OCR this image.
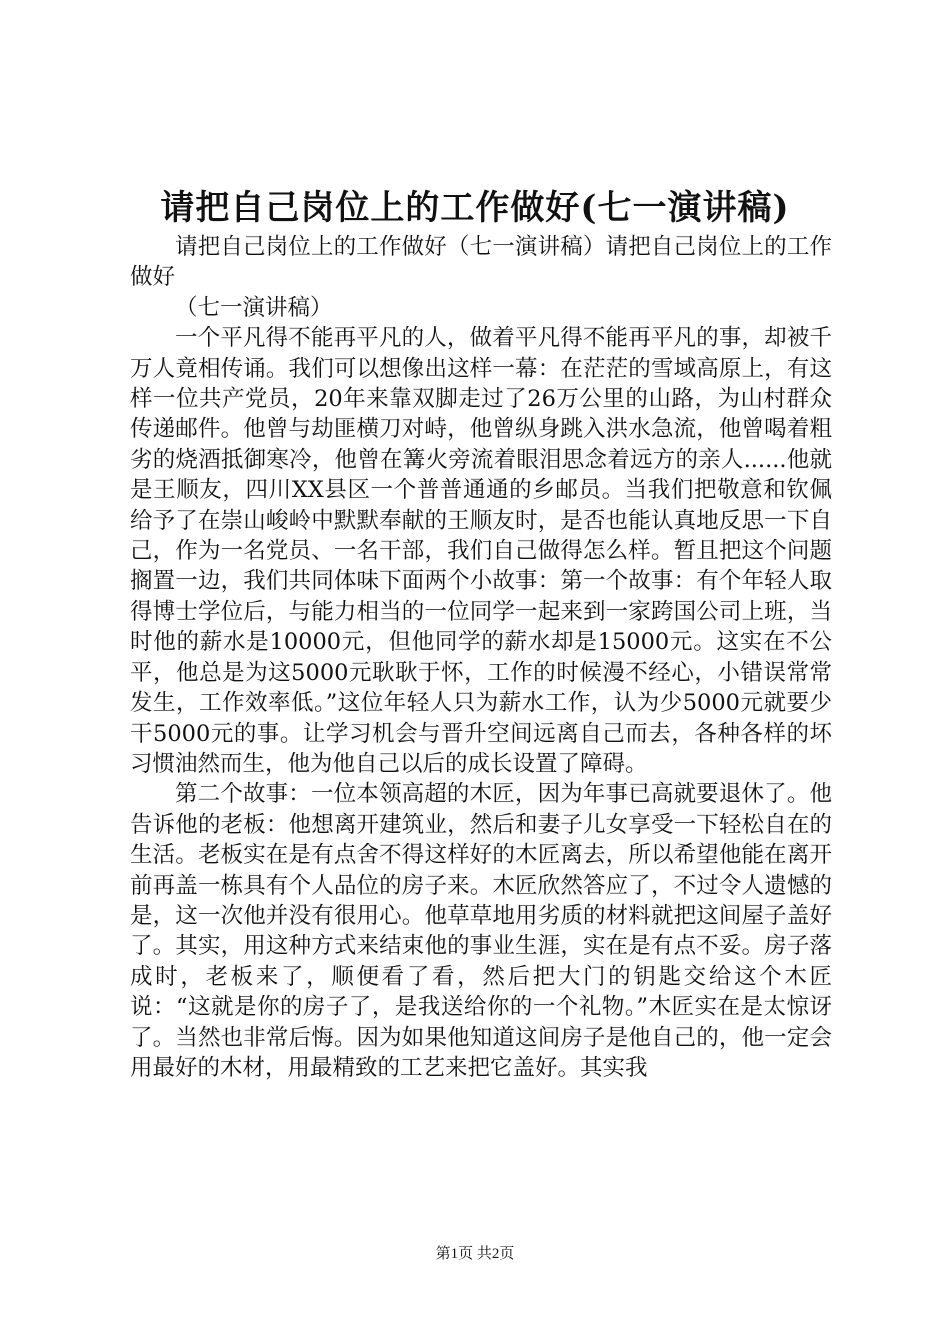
请把自己岗位上的工作做好(七一演讲稿)

请把自己岗位上的工作做好（七一演讲稿）请把自己岗位上的工作做好

（七一演讲稿）

一个平凡得不能再平凡的人，做着平凡得不能再平凡的事，却被千万人竟相传诵。我们可以想像出这样一幕：在茫茫的雪域高原上，有这样一位共产党员，20年来靠双脚走过了26万公里的山路，为山村群众传递邮件。他曾与劫匪横刀对峙，他曾纵身跳入洪水急流，他曾喝着粗劣的烧酒抵御寒冷，他曾在篝火旁流着眼泪思念着远方的亲人......他就是王顺友，四川XX县区一个普普通通的乡邮员。当我们把敬意和钦佩给予了在崇山峻岭中默默奉献的王顺友时，是否也能认真地反思一下自己，作为一名党员、一名干部，我们自己做得怎么样。暂且把这个问题搁置一边，我们共同体味下面两个小故事：第一个故事：有个年轻人取得博士学位后，与能力相当的一位同学一起来到一家跨国公司上班，当时他的薪水是10000元，但他同学的薪水却是15000元。这实在不公平，他总是为这5000元耿耿于怀，工作的时候漫不经心，小错误常常发生，工作效率低。”这位年轻人只为薪水工作，认为少5000元就要少干5000元的事。让学习机会与晋升空间远离自己而去，各种各样的坏习惯油然而生，他为他自己以后的成长设置了障碍。

第二个故事：一位本领高超的木匠，因为年事已高就要退休了。他告诉他的老板：他想离开建筑业，然后和妻子儿女享受一下轻松自在的生活。老板实在是有点舍不得这样好的木匠离去，所以希望他能在离开前再盖一栋具有个人品位的房子来。木匠欣然答应了，不过令人遗憾的是，这一次他并没有很用心。他草草地用劣质的材料就把这间屋子盖好了。其实，用这种方式来结束他的事业生涯，实在是有点不妥。房子落成时，老板来了，顺便看了看，然后把大门的钥匙交给这个木匠说：“这就是你的房子了，是我送给你的一个礼物。”木匠实在是太惊讶了。当然也非常后悔。因为如果他知道这间房子是他自己的，他一定会用最好的木材，用最精致的工艺来把它盖好。其实我

第1页 共2页
